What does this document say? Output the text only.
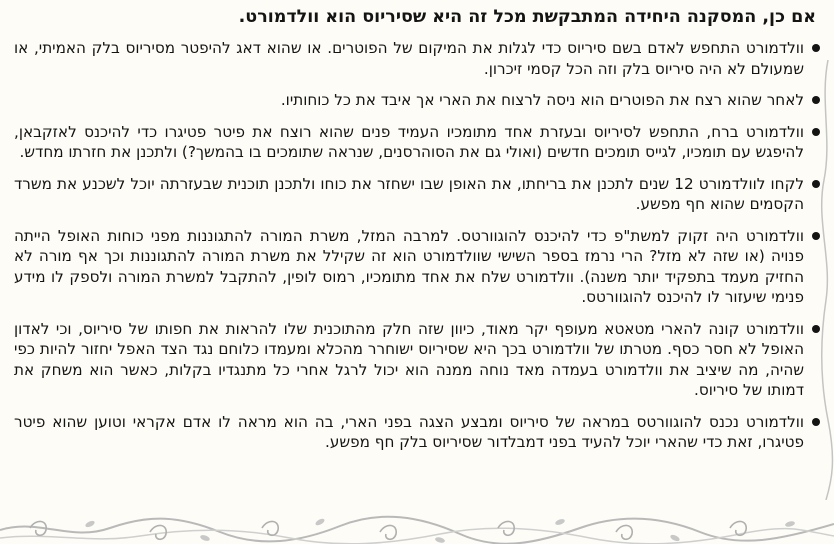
אם כן, המסקנה היחידה המתבקשת מכל זה היא שסיריוס הוא וולדמורט.
וולדמורט התחפש לאדם בשם סיריוס כדי לגלות את המיקום של הפוטרים. או שהוא דאג להיפטר מסיריוס בלק האמיתי, או שמעולם לא היה סיריוס בלק וזה הכל קסמי זיכרון.
לאחר שהוא רצח את הפוטרים הוא ניסה לרצוח את הארי אך איבד את כל כוחותיו.
וולדמורט ברח, התחפש לסיריוס ובעזרת אחד מתומכיו העמיד פנים שהוא רוצח את פיטר פטיגרו כדי להיכנס לאזקבאן, להיפגש עם תומכיו, לגייס תומכים חדשים (ואולי גם את הסוהרסנים, שנראה שתומכים בו בהמשך?) ולתכנן את חזרתו מחדש.
לקחו לוולדמורט 12 שנים לתכנן את בריחתו, את האופן שבו ישחזר את כוחו ולתכנן תוכנית שבעזרתה יוכל לשכנע את משרד הקסמים שהוא חף מפשע.
וולדמורט היה זקוק למשת"פ כדי להיכנס להוגוורטס. למרבה המזל, משרת המורה להתגוננות מפני כוחות האופל הייתה פנויה (או שזה לא מזל? הרי נרמז בספר השישי שוולדמורט הוא זה שקילל את משרת המורה להתגוננות וכך אף מורה לא החזיק מעמד בתפקיד יותר משנה). וולדמורט שלח את אחד מתומכיו, רמוס לופין, להתקבל למשרת המורה ולספק לו מידע פנימי שיעזור לו להיכנס להוגוורטס.
וולדמורט קונה להארי מטאטא מעופף יקר מאוד, כיוון שזה חלק מהתוכנית שלו להראות את חפותו של סיריוס, וכי לאדון האופל לא חסר כסף. מטרתו של וולדמורט בכך היא שסיריוס ישוחרר מהכלא ומעמדו כלוחם נגד הצד האפל יחזור להיות כפי שהיה, מה שיציב את וולדמורט בעמדה מאד נוחה ממנה הוא יכול לרגל אחרי כל מתנגדיו בקלות, כאשר הוא משחק את דמותו של סיריוס.
וולדמורט נכנס להוגוורטס במראה של סיריוס ומבצע הצגה בפני הארי, בה הוא מראה לו אדם אקראי וטוען שהוא פיטר פטיגרו, זאת כדי שהארי יוכל להעיד בפני דמבלדור שסיריוס בלק חף מפשע.
